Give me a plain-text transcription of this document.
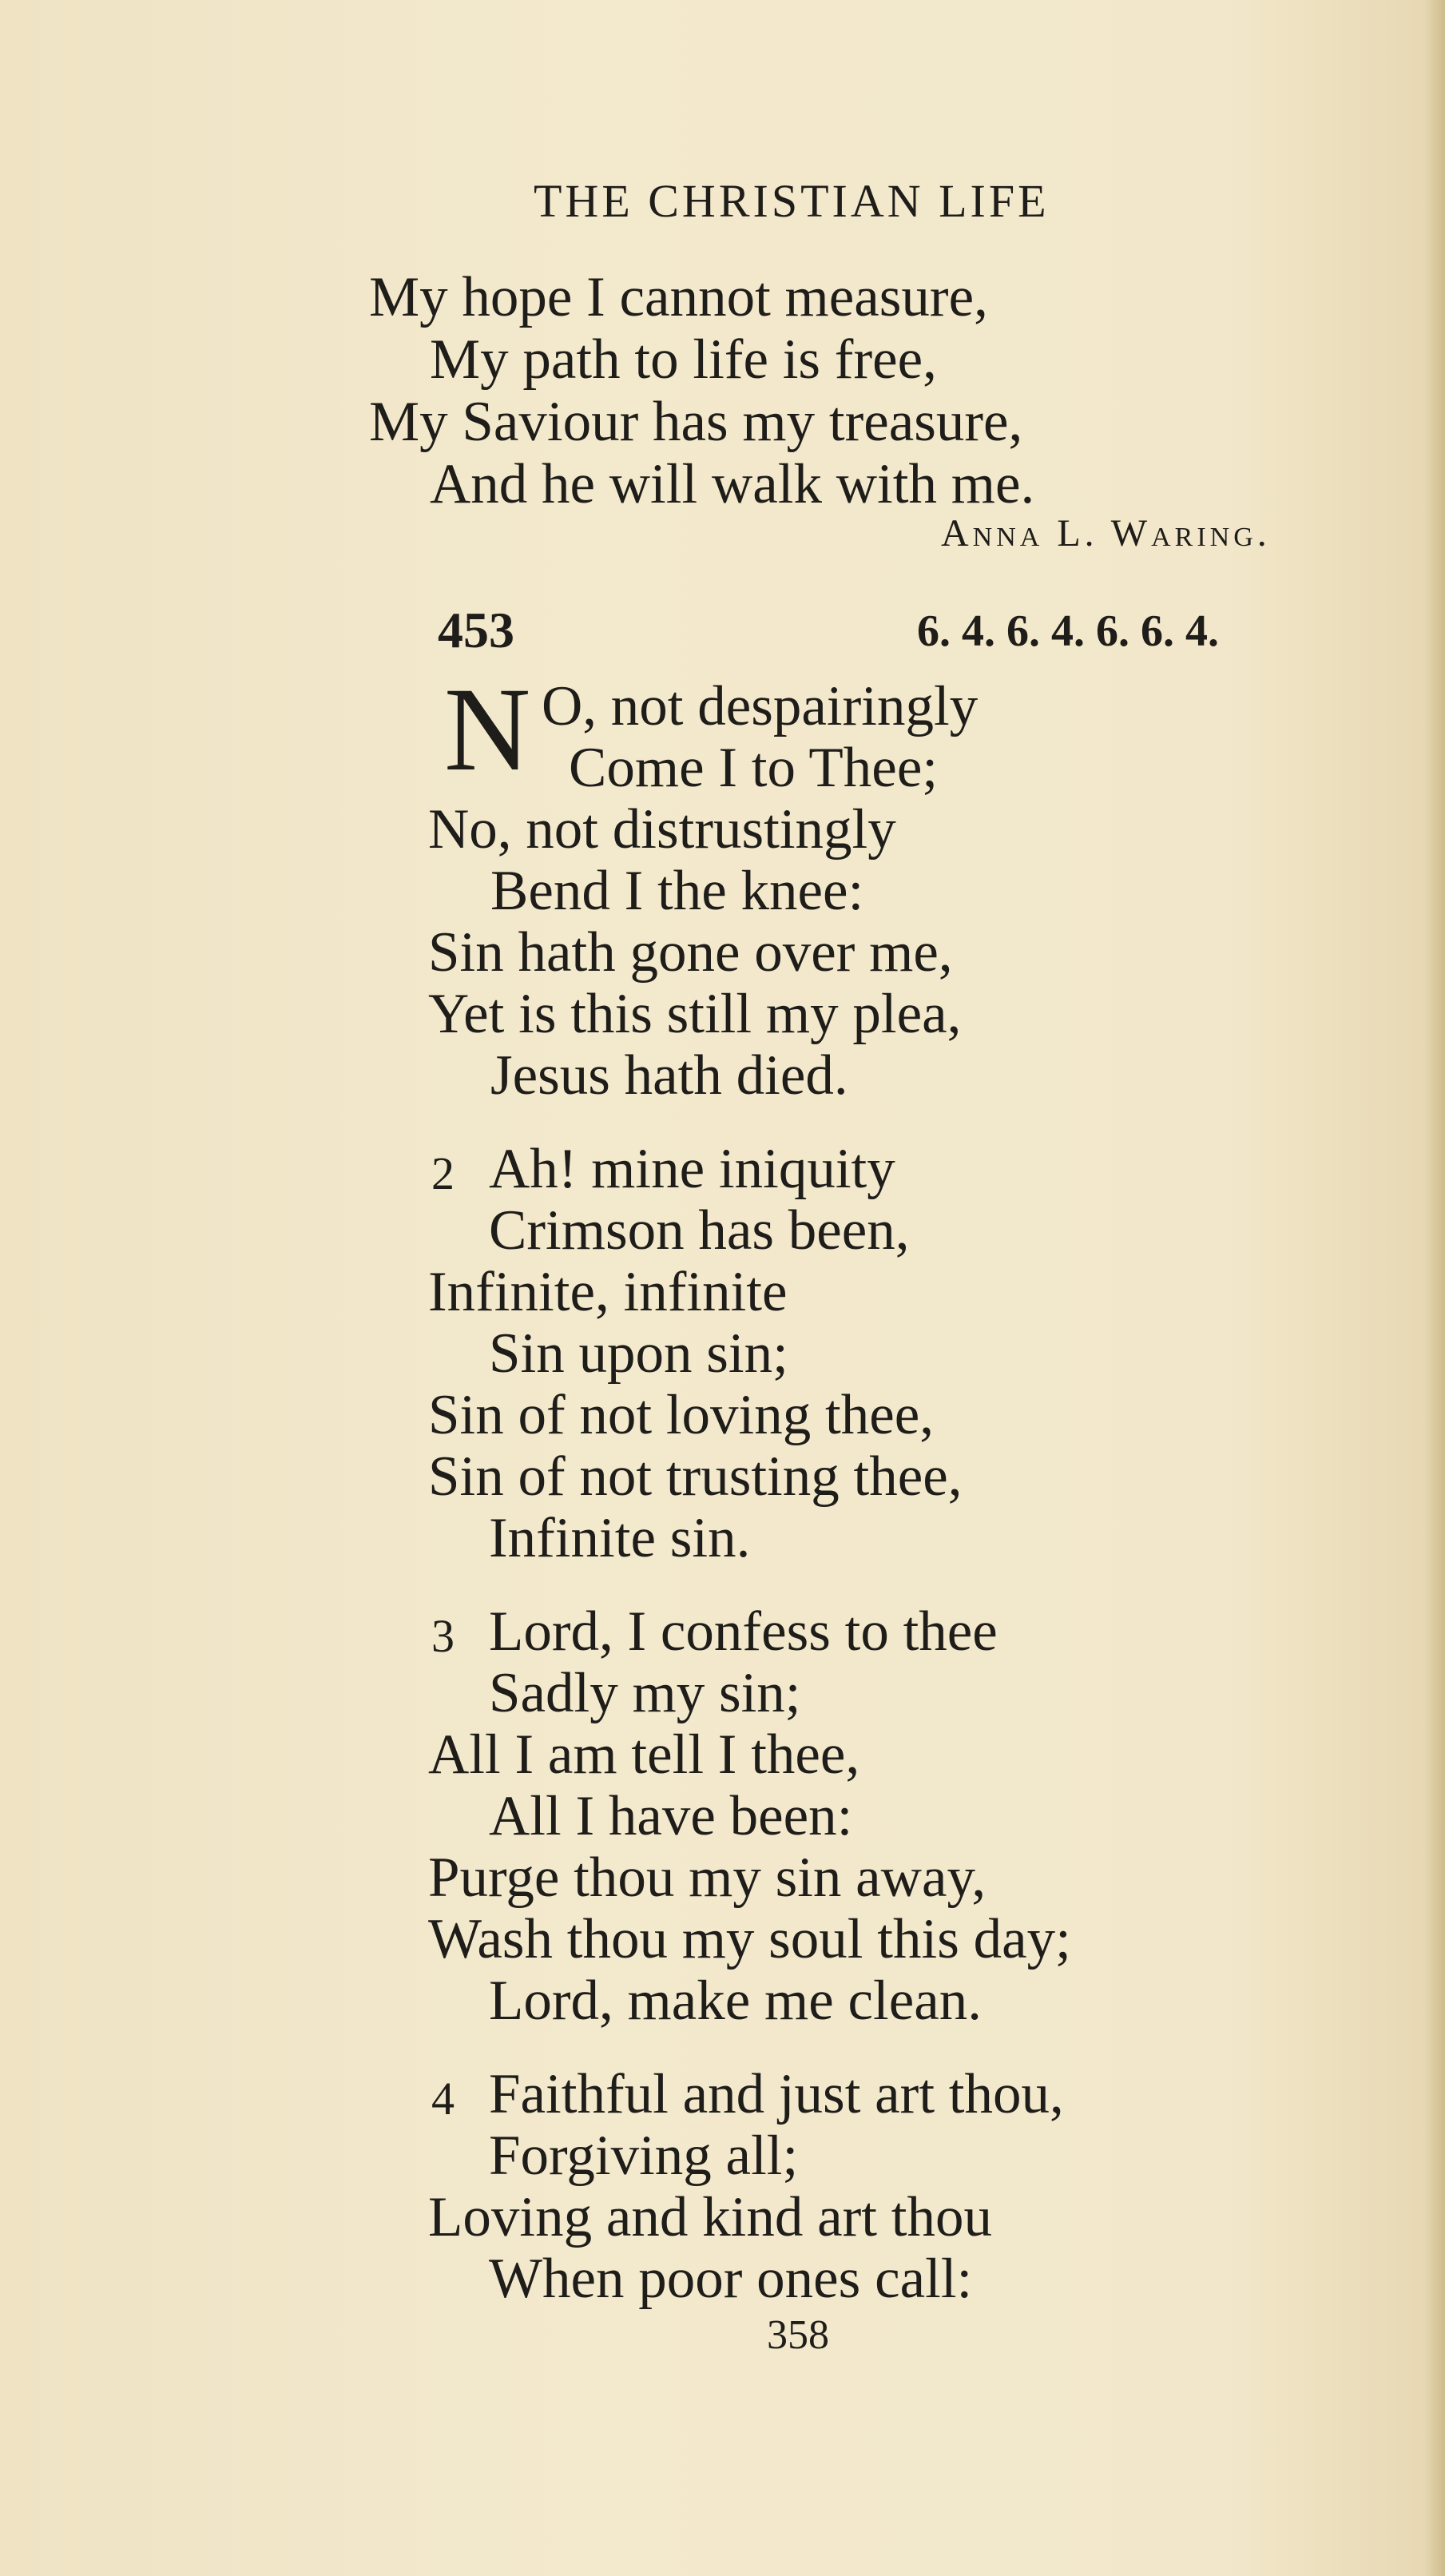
THE CHRISTIAN LIFE
My hope I cannot measure,
My path to life is free,
My Saviour has my treasure,
And he will walk with me.
Anna L. Waring.
453	6. 4. 6. 4. 6. 6. 4.
N O, not despairingly
Come I to Thee;
No, not distrustingly
Bend I the knee:
Sin hath gone over me,
Yet is this still my plea,
Jesus hath died.
2 Ah! mine iniquity
Crimson has been,
Infinite, infinite
Sin upon sin;
Sin of not loving thee,
Sin of not trusting thee,
Infinite sin.
3 Lord, I confess to thee
Sadly my sin;
All I am tell I thee,
All I have been:
Purge thou my sin away,
Wash thou my soul this day;
Lord, make me clean.
4 Faithful and just art thou,
Forgiving all;
Loving and kind art thou
When poor ones call:
358
